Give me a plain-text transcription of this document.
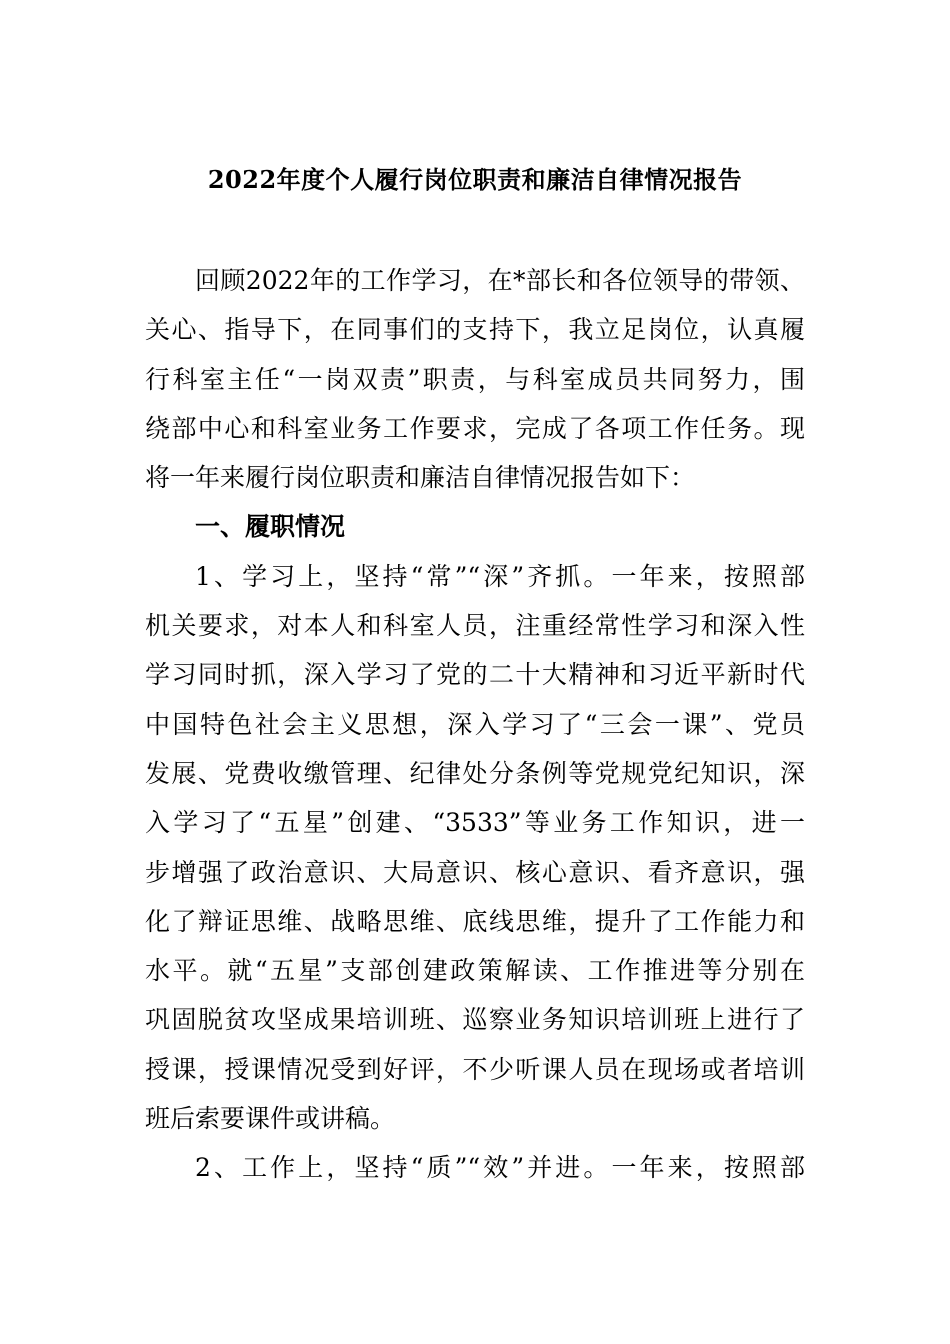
2022年度个人履行岗位职责和廉洁自律情况报告
回顾2022年的工作学习，在*部长和各位领导的带领、
关心、指导下，在同事们的支持下，我立足岗位，认真履
行科室主任“一岗双责”职责，与科室成员共同努力，围
绕部中心和科室业务工作要求，完成了各项工作任务。现
将一年来履行岗位职责和廉洁自律情况报告如下：
一、履职情况
1、学习上，坚持“常”“深”齐抓。一年来，按照部
机关要求，对本人和科室人员，注重经常性学习和深入性
学习同时抓，深入学习了党的二十大精神和习近平新时代
中国特色社会主义思想，深入学习了“三会一课”、党员
发展、党费收缴管理、纪律处分条例等党规党纪知识，深
入学习了“五星”创建、“3533”等业务工作知识，进一
步增强了政治意识、大局意识、核心意识、看齐意识，强
化了辩证思维、战略思维、底线思维，提升了工作能力和
水平。就“五星”支部创建政策解读、工作推进等分别在
巩固脱贫攻坚成果培训班、巡察业务知识培训班上进行了
授课，授课情况受到好评，不少听课人员在现场或者培训
班后索要课件或讲稿。
2、工作上，坚持“质”“效”并进。一年来，按照部
